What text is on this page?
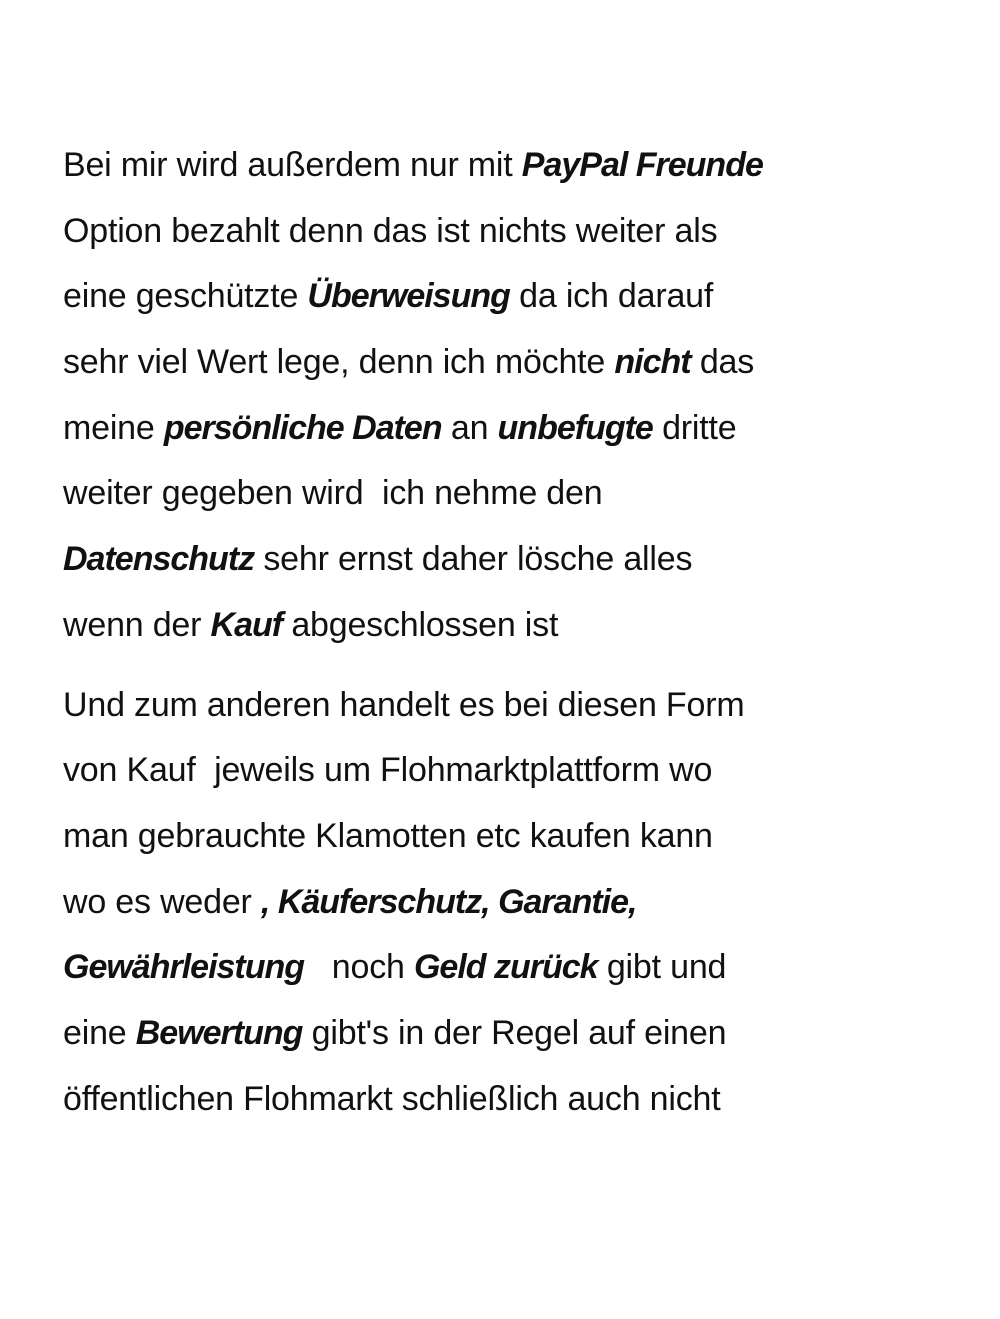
Bei mir wird außerdem nur mit PayPal Freunde
Option bezahlt denn das ist nichts weiter als
eine geschützte Überweisung da ich darauf
sehr viel Wert lege, denn ich möchte nicht das
meine persönliche Daten an unbefugte dritte
weiter gegeben wird  ich nehme den
Datenschutz sehr ernst daher lösche alles
wenn der Kauf abgeschlossen ist
Und zum anderen handelt es bei diesen Form
von Kauf  jeweils um Flohmarktplattform wo
man gebrauchte Klamotten etc kaufen kann
wo es weder , Käuferschutz, Garantie,
Gewährleistung   noch Geld zurück gibt und
eine Bewertung gibt's in der Regel auf einen
öffentlichen Flohmarkt schließlich auch nicht
